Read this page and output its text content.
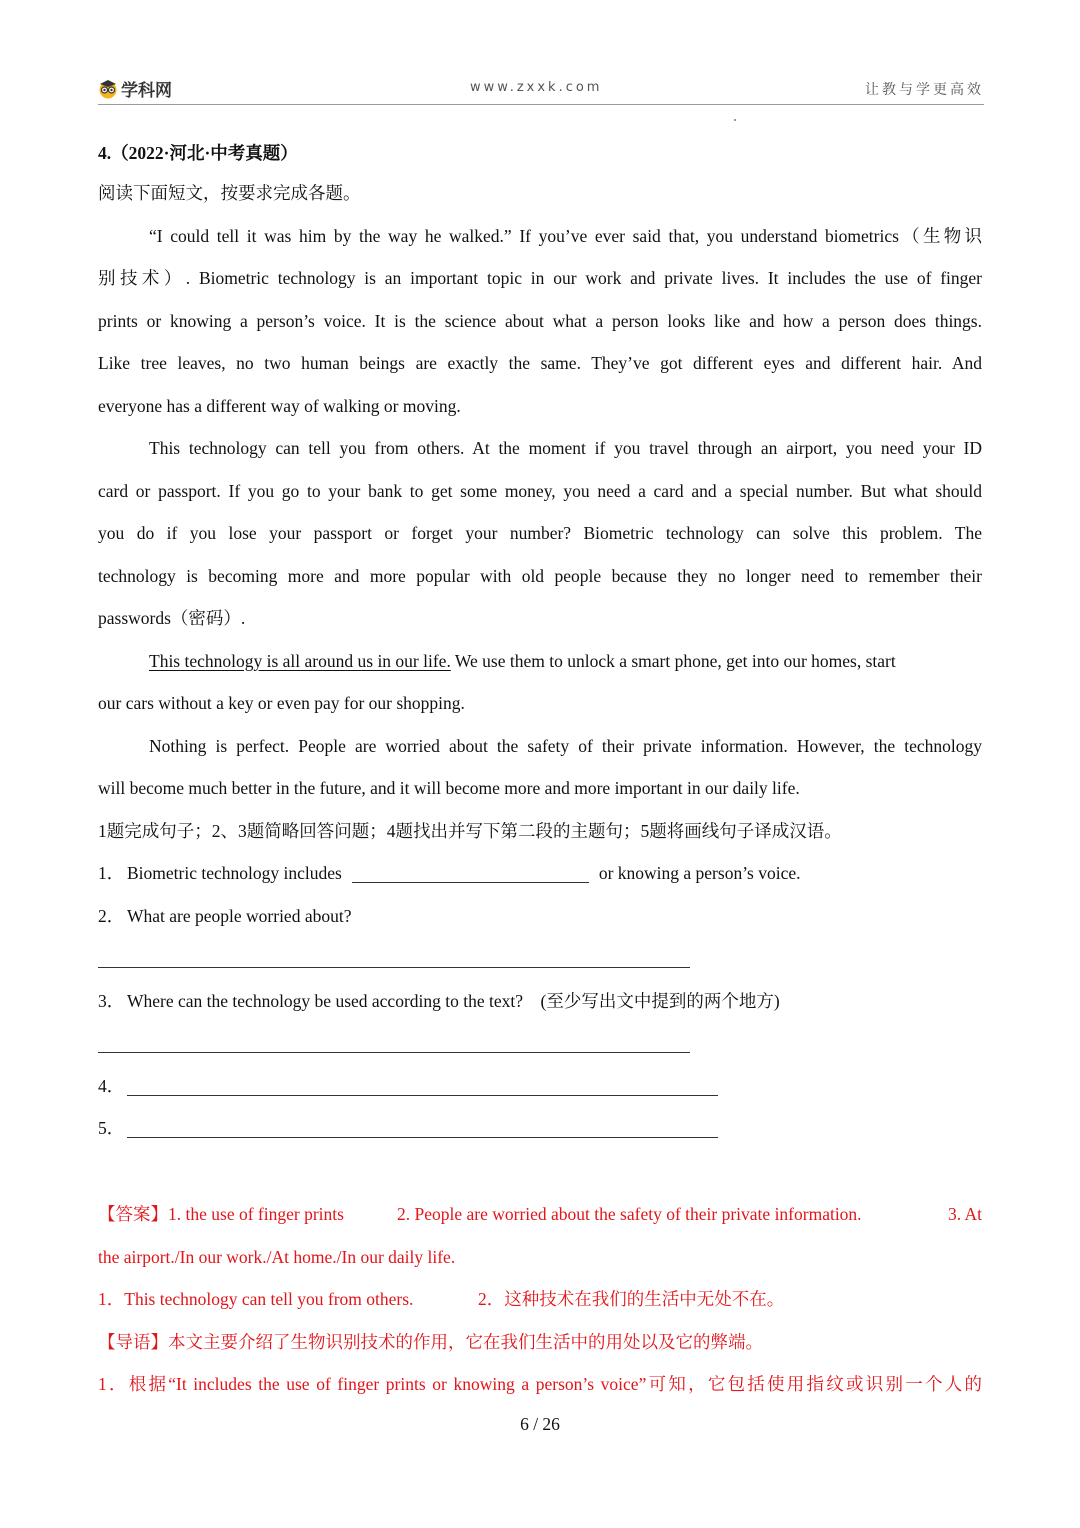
学科网	www.zxxk.com	让教与学更高效
4.（2022·河北·中考真题）
阅读下面短文，按要求完成各题。
“I could tell it was him by the way he walked.” If you’ve ever said that, you understand biometrics（生物识
别技术）. Biometric technology is an important topic in our work and private lives. It includes the use of finger
prints or knowing a person’s voice. It is the science about what a person looks like and how a person does things.
Like tree leaves, no two human beings are exactly the same. They’ve got different eyes and different hair. And
everyone has a different way of walking or moving.
This technology can tell you from others. At the moment if you travel through an airport, you need your ID
card or passport. If you go to your bank to get some money, you need a card and a special number. But what should
you do if you lose your passport or forget your number? Biometric technology can solve this problem. The
technology is becoming more and more popular with old people because they no longer need to remember their
passwords（密码）.
This technology is all around us in our life. We use them to unlock a smart phone, get into our homes, start
our cars without a key or even pay for our shopping.
Nothing is perfect. People are worried about the safety of their private information. However, the technology
will become much better in the future, and it will become more and more important in our daily life.
1题完成句子；2、3题简略回答问题；4题找出并写下第二段的主题句；5题将画线句子译成汉语。
1． Biometric technology includes	or knowing a person’s voice.
2． What are people worried about?
3． Where can the technology be used according to the text?　(至少写出文中提到的两个地方)
4．
5．
【答案】1. the use of finger prints	2. People are worried about the safety of their private information.	3. At
the airport./In our work./At home./In our daily life.
1．This technology can tell you from others.	2．这种技术在我们的生活中无处不在。
【导语】本文主要介绍了生物识别技术的作用，它在我们生活中的用处以及它的弊端。
1．根据“It includes the use of finger prints or knowing a person’s voice”可知，它包括使用指纹或识别一个人的
6 / 26
